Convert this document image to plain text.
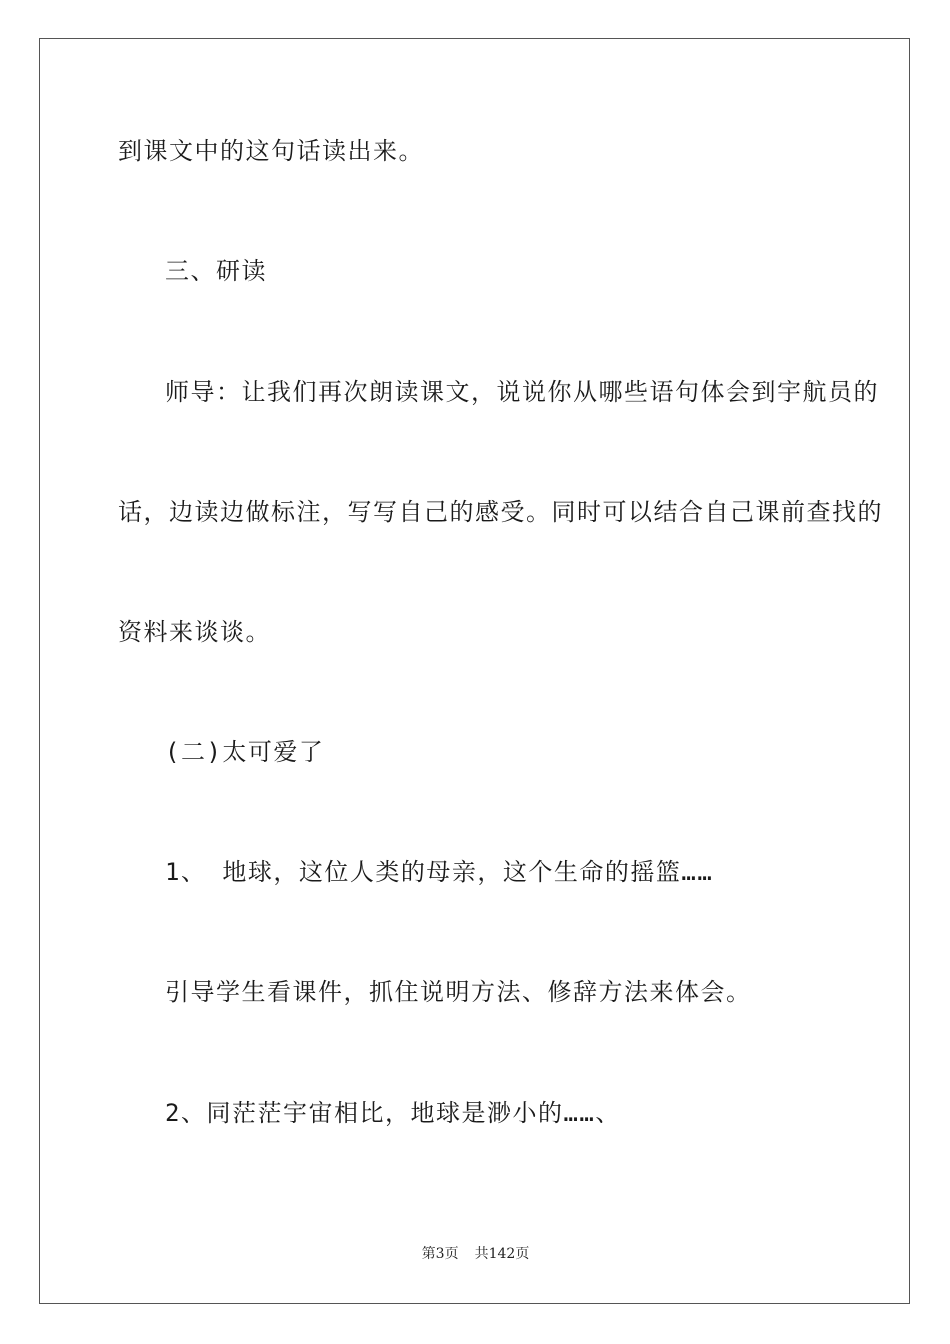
到课文中的这句话读出来。
三、研读
师导：让我们再次朗读课文，说说你从哪些语句体会到宇航员的
话，边读边做标注，写写自己的感受。同时可以结合自己课前查找的
资料来谈谈。
(二)太可爱了
1、 地球，这位人类的母亲，这个生命的摇篮……
引导学生看课件，抓住说明方法、修辞方法来体会。
2、同茫茫宇宙相比，地球是渺小的……、
第3页 共142页
